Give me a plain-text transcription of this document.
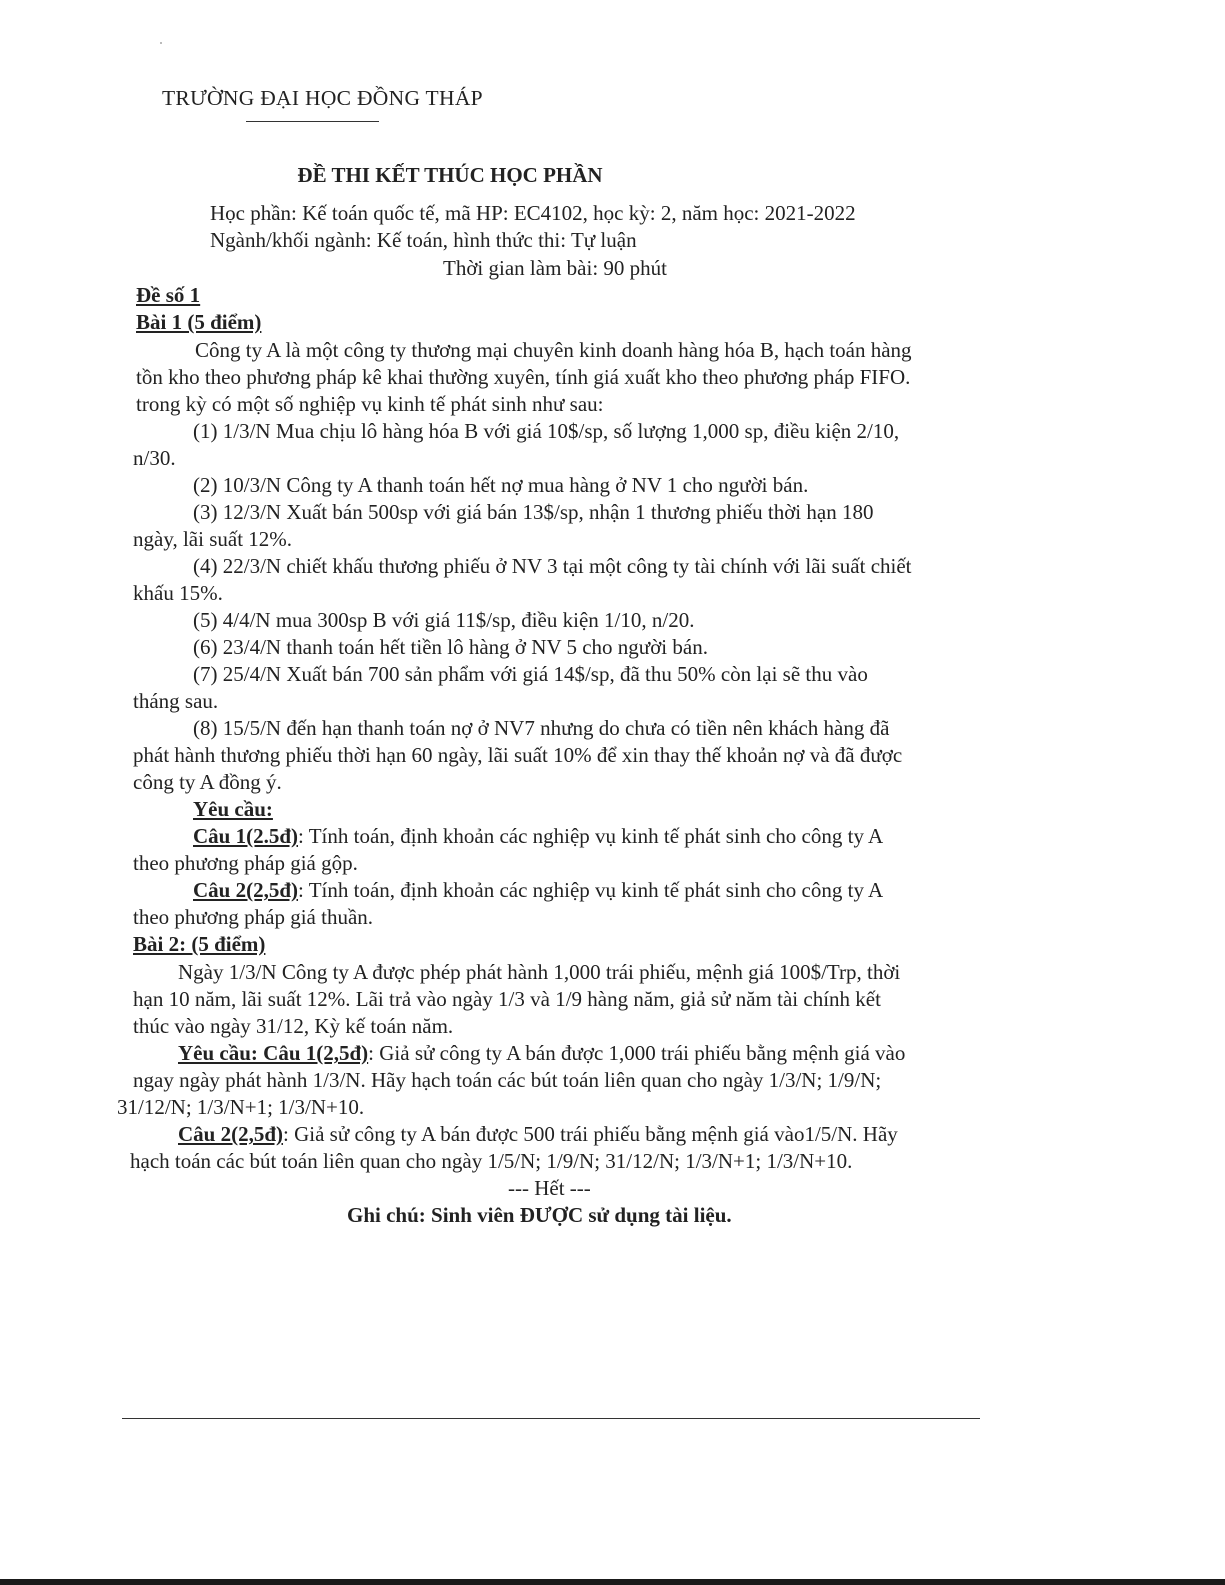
TRƯỜNG ĐẠI HỌC ĐỒNG THÁP
ĐỀ THI KẾT THÚC HỌC PHẦN
Học phần: Kế toán quốc tế, mã HP: EC4102, học kỳ: 2, năm học: 2021-2022
Ngành/khối ngành: Kế toán, hình thức thi: Tự luận
Thời gian làm bài: 90 phút
Đề số 1
Bài 1 (5 điểm)
Công ty A là một công ty thương mại chuyên kinh doanh hàng hóa B, hạch toán hàng
tồn kho theo phương pháp kê khai thường xuyên, tính giá xuất kho theo phương pháp FIFO.
trong kỳ có một số nghiệp vụ kinh tế phát sinh như sau:
(1) 1/3/N Mua chịu lô hàng hóa B với giá 10$/sp, số lượng 1,000 sp, điều kiện 2/10,
n/30.
(2) 10/3/N Công ty A thanh toán hết nợ mua hàng ở NV 1 cho người bán.
(3) 12/3/N Xuất bán 500sp với giá bán 13$/sp, nhận 1 thương phiếu thời hạn 180
ngày, lãi suất 12%.
(4) 22/3/N chiết khấu thương phiếu ở NV 3 tại một công ty tài chính với lãi suất chiết
khấu 15%.
(5) 4/4/N mua 300sp B với giá 11$/sp, điều kiện 1/10, n/20.
(6) 23/4/N thanh toán hết tiền lô hàng ở NV 5 cho người bán.
(7) 25/4/N Xuất bán 700 sản phẩm với giá 14$/sp, đã thu 50% còn lại sẽ thu vào
tháng sau.
(8) 15/5/N đến hạn thanh toán nợ ở NV7 nhưng do chưa có tiền nên khách hàng đã
phát hành thương phiếu thời hạn 60 ngày, lãi suất 10% để xin thay thế khoản nợ và đã được
công ty A đồng ý.
Yêu cầu:
Câu 1(2.5đ): Tính toán, định khoản các nghiệp vụ kinh tế phát sinh cho công ty A
theo phương pháp giá gộp.
Câu 2(2,5đ): Tính toán, định khoản các nghiệp vụ kinh tế phát sinh cho công ty A
theo phương pháp giá thuần.
Bài 2: (5 điểm)
Ngày 1/3/N Công ty A được phép phát hành 1,000 trái phiếu, mệnh giá 100$/Trp, thời
hạn 10 năm, lãi suất 12%. Lãi trả vào ngày 1/3 và 1/9 hàng năm, giả sử năm tài chính kết
thúc vào ngày 31/12, Kỳ kế toán năm.
Yêu cầu: Câu 1(2,5đ): Giả sử công ty A bán được 1,000 trái phiếu bằng mệnh giá vào
ngay ngày phát hành 1/3/N. Hãy hạch toán các bút toán liên quan cho ngày 1/3/N; 1/9/N;
31/12/N; 1/3/N+1; 1/3/N+10.
Câu 2(2,5đ): Giả sử công ty A bán được 500 trái phiếu bằng mệnh giá vào1/5/N. Hãy
hạch toán các bút toán liên quan cho ngày 1/5/N; 1/9/N; 31/12/N; 1/3/N+1; 1/3/N+10.
--- Hết ---
Ghi chú: Sinh viên ĐƯỢC sử dụng tài liệu.
